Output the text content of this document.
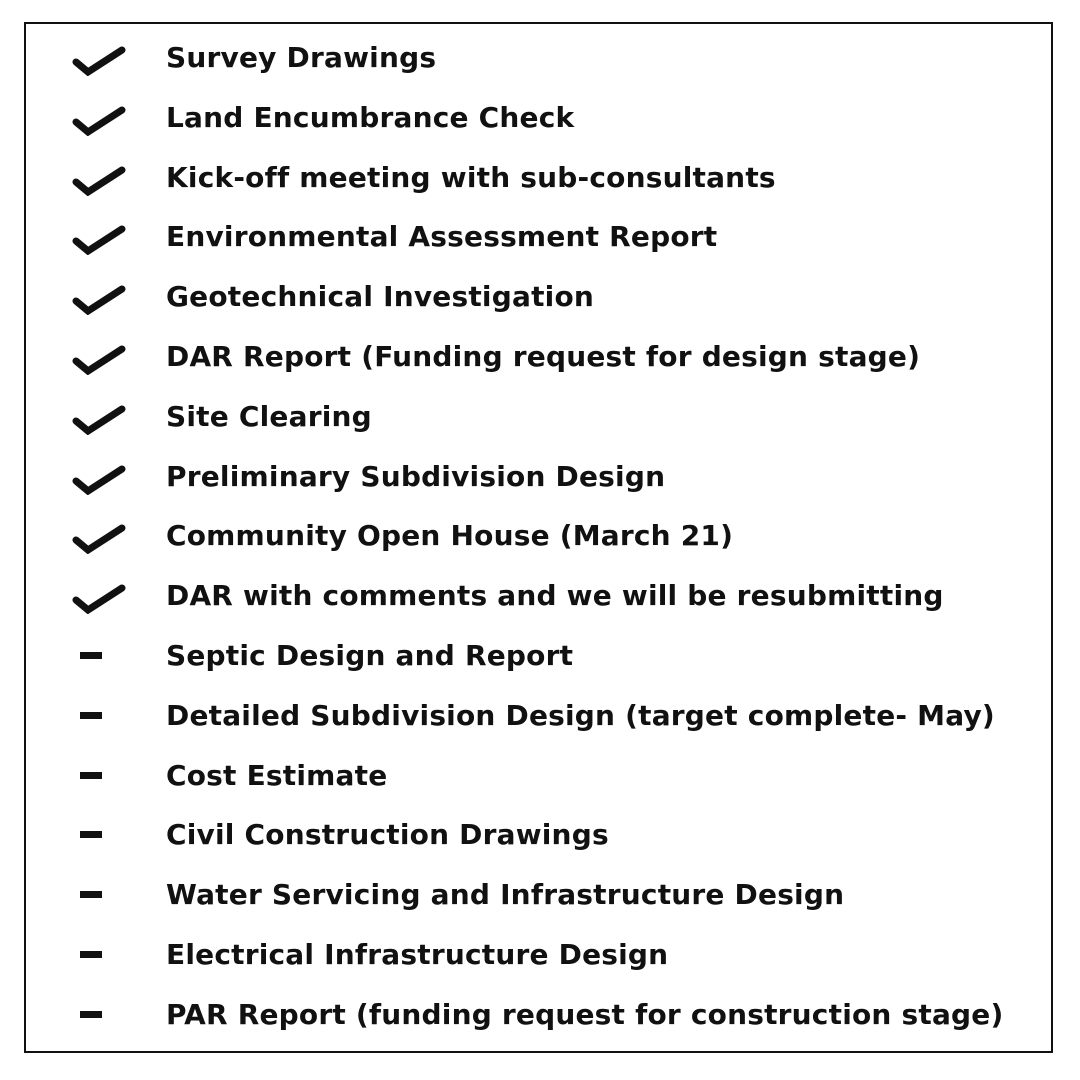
Survey Drawings
Land Encumbrance Check
Kick-off meeting with sub-consultants
Environmental Assessment Report
Geotechnical Investigation
DAR Report (Funding request for design stage)
Site Clearing
Preliminary Subdivision Design
Community Open House (March 21)
DAR with comments and we will be resubmitting
Septic Design and Report
Detailed Subdivision Design (target complete- May)
Cost Estimate
Civil Construction Drawings
Water Servicing and Infrastructure Design
Electrical Infrastructure Design
PAR Report (funding request for construction stage)
